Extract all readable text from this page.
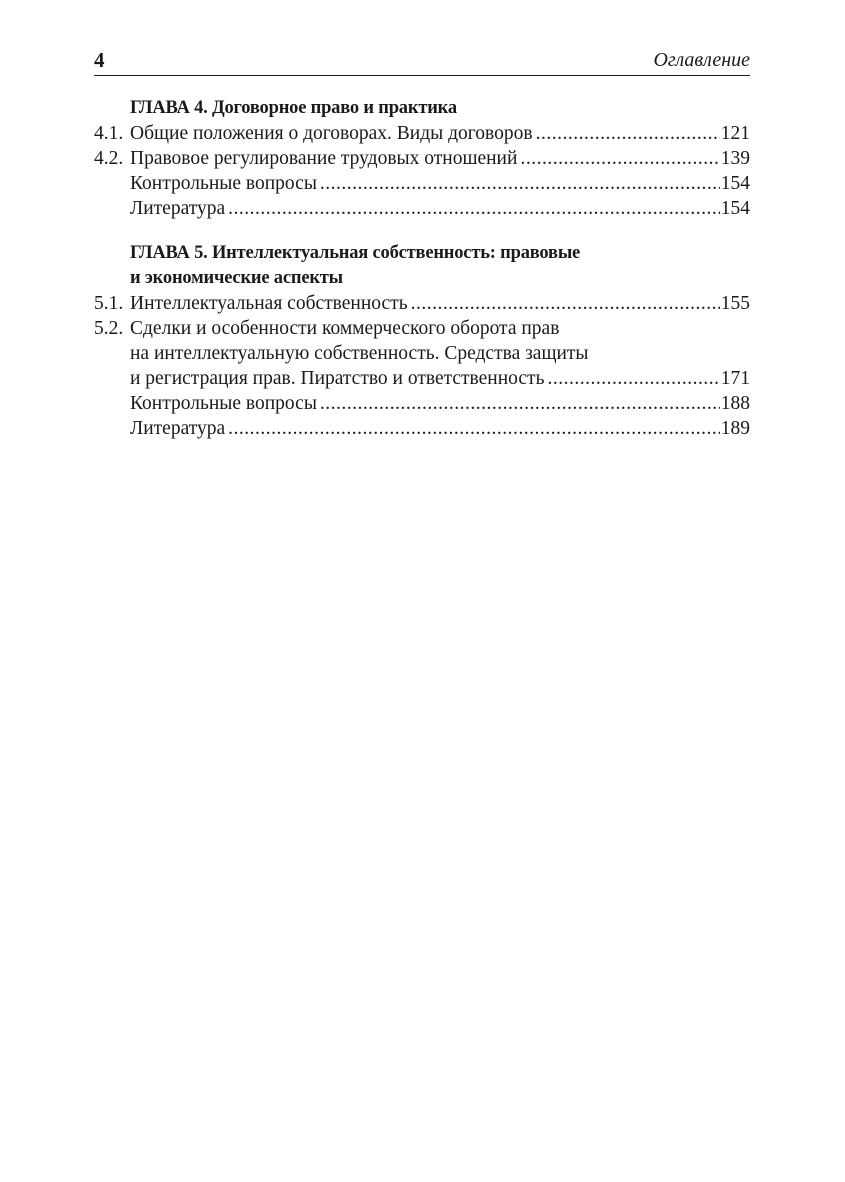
4	Оглавление
ГЛАВА 4. Договорное право и практика
4.1. Общие положения о договорах. Виды договоров .....	121
4.2. Правовое регулирование трудовых отношений .....	139
Контрольные вопросы .....	154
Литература .....	154
ГЛАВА 5. Интеллектуальная собственность: правовые
и экономические аспекты
5.1. Интеллектуальная собственность .....	155
5.2. Сделки и особенности коммерческого оборота прав
на интеллектуальную собственность. Средства защиты
и регистрация прав. Пиратство и ответственность .....	171
Контрольные вопросы .....	188
Литература .....	189
